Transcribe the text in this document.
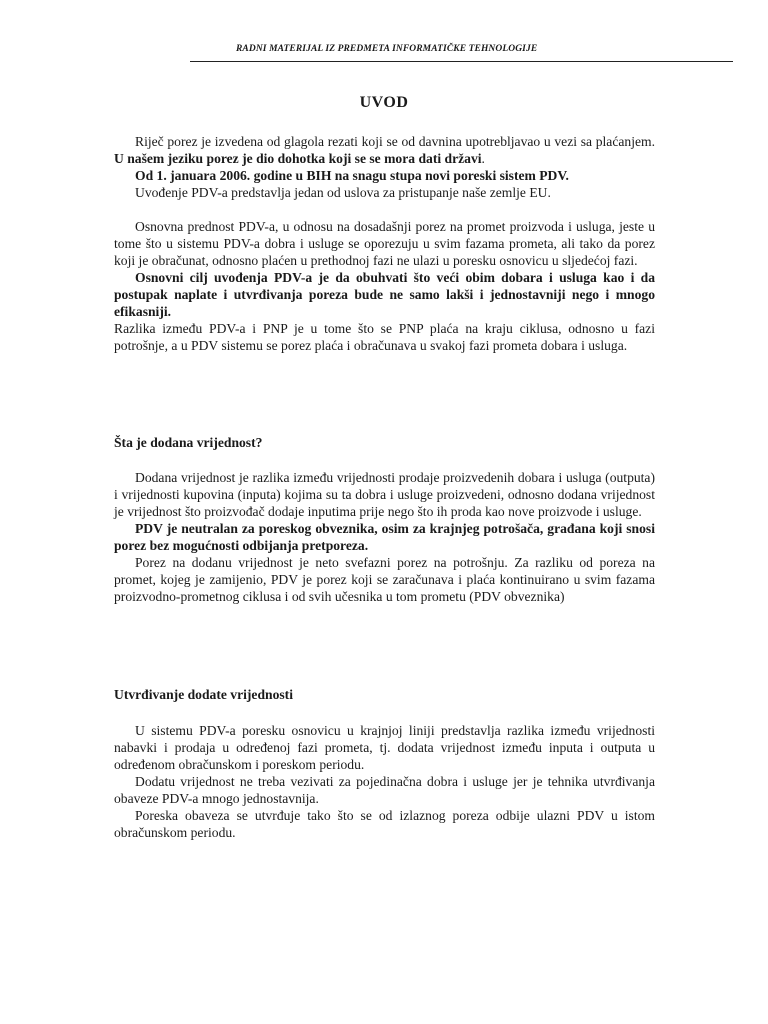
RADNI MATERIJAL IZ PREDMETA INFORMATIČKE TEHNOLOGIJE
UVOD

Riječ porez je izvedena od glagola rezati koji se od davnina upotrebljavao u vezi sa plaćanjem. U našem jeziku porez je dio dohotka koji se se mora dati državi.

Od 1. januara 2006. godine u BIH na snagu stupa novi poreski sistem PDV.

Uvođenje PDV-a predstavlja jedan od uslova za pristupanje naše zemlje EU.

Osnovna prednost PDV-a, u odnosu na dosadašnji porez na promet proizvoda i usluga, jeste u tome što u sistemu PDV-a dobra i usluge se oporezuju u svim fazama prometa, ali tako da porez koji je obračunat, odnosno plaćen u prethodnoj fazi ne ulazi u poresku osnovicu u sljedećoj fazi.

Osnovni cilj uvođenja PDV-a je da obuhvati što veći obim dobara i usluga kao i da postupak naplate i utvrđivanja poreza bude ne samo lakši i jednostavniji nego i mnogo efikasniji.

Razlika između PDV-a i PNP je u tome što se PNP plaća na kraju ciklusa, odnosno u fazi potrošnje, a u PDV sistemu se porez plaća i obračunava u svakoj fazi prometa dobara i usluga.

Šta je dodana vrijednost?

Dodana vrijednost je razlika između vrijednosti prodaje proizvedenih dobara i usluga (outputa) i vrijednosti kupovina (inputa) kojima su ta dobra i usluge proizvedeni, odnosno dodana vrijednost je vrijednost što proizvođač dodaje inputima prije nego što ih proda kao nove proizvode i usluge.

PDV je neutralan za poreskog obveznika, osim za krajnjeg potrošača, građana koji snosi porez bez mogućnosti odbijanja pretporeza.

Porez na dodanu vrijednost je neto svefazni porez na potrošnju. Za razliku od poreza na promet, kojeg je zamijenio, PDV je porez koji se zaračunava i plaća kontinuirano u svim fazama proizvodno-prometnog ciklusa i od svih učesnika u tom prometu (PDV obveznika)

Utvrđivanje dodate vrijednosti

U sistemu PDV-a poresku osnovicu u krajnjoj liniji predstavlja razlika između vrijednosti nabavki i prodaja u određenoj fazi prometa, tj. dodata vrijednost između inputa i outputa u određenom obračunskom i poreskom periodu.

Dodatu vrijednost ne treba vezivati za pojedinačna dobra i usluge jer je tehnika utvrđivanja obaveze PDV-a mnogo jednostavnija.

Poreska obaveza se utvrđuje tako što se od izlaznog poreza odbije ulazni PDV u istom obračunskom periodu.
